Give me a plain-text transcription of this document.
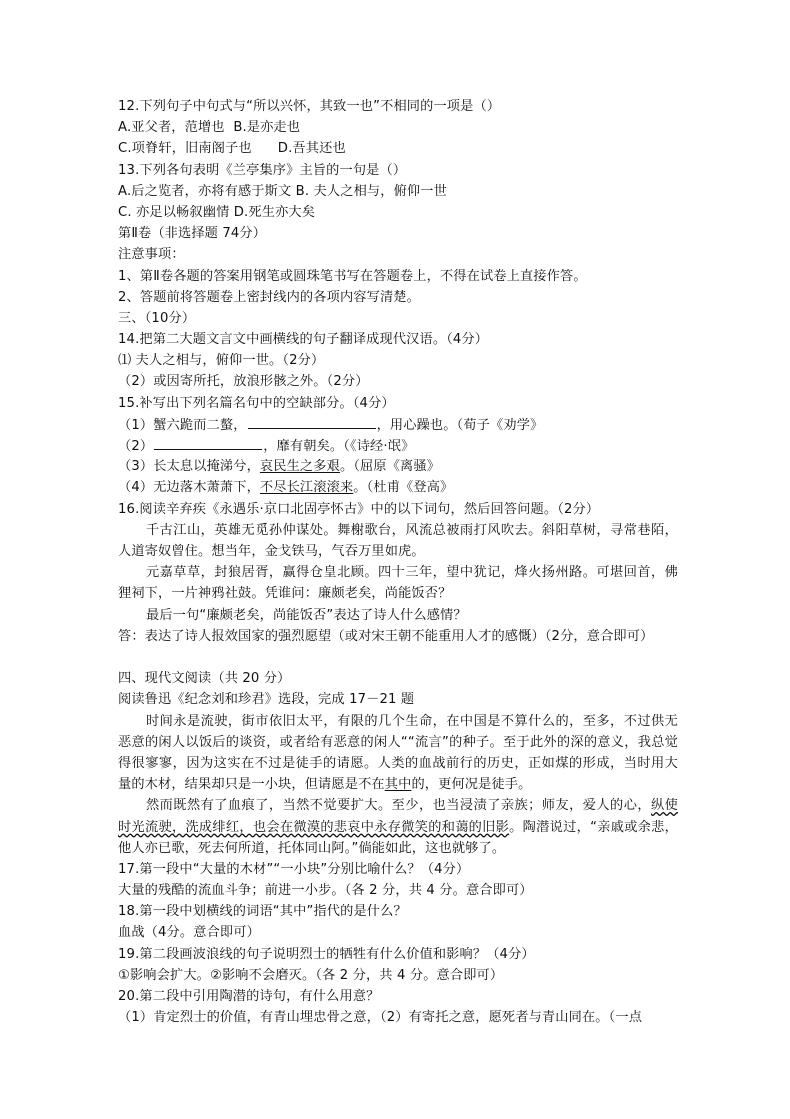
12.下列句子中句式与“所以兴怀，其致一也”不相同的一项是（）
A.亚父者，范增也  B.是亦走也
C.项脊轩，旧南阁子也      D.吾其还也
13.下列各句表明《兰亭集序》主旨的一句是（）
A.后之览者，亦将有感于斯文 B. 夫人之相与，俯仰一世
C. 亦足以畅叙幽情 D.死生亦大矣
第Ⅱ卷（非选择题 74分）
注意事项：
1、第Ⅱ卷各题的答案用钢笔或圆珠笔书写在答题卷上，不得在试卷上直接作答。
2、答题前将答题卷上密封线内的各项内容写清楚。
三、（10分）
14.把第二大题文言文中画横线的句子翻译成现代汉语。（4分）
⑴ 夫人之相与，俯仰一世。（2分）
（2）或因寄所托，放浪形骸之外。（2分）
15.补写出下列名篇名句中的空缺部分。（4分）
（1）蟹六跪而二螯，	，用心躁也。（荀子《劝学》
（2）	，靡有朝矣。（《诗经·氓》
（3）长太息以掩涕兮，哀民生之多艰。（屈原《离骚》
（4）无边落木萧萧下，不尽长江滚滚来。（杜甫《登高》
16.阅读辛弃疾《永遇乐·京口北固亭怀古》中的以下词句，然后回答问题。（2分）
千古江山，英雄无觅孙仲谋处。舞榭歌台，风流总被雨打风吹去。斜阳草树，寻常巷陌，人道寄奴曾住。想当年，金戈铁马，气吞万里如虎。
元嘉草草，封狼居胥，赢得仓皇北顾。四十三年，望中犹记，烽火扬州路。可堪回首，佛狸祠下，一片神鸦社鼓。凭谁问：廉颇老矣，尚能饭否？
最后一句“廉颇老矣，尚能饭否”表达了诗人什么感情？
答：表达了诗人报效国家的强烈愿望（或对宋王朝不能重用人才的感慨）（2分，意合即可）
四、现代文阅读（共 20 分）
阅读鲁迅《纪念刘和珍君》选段，完成 17－21 题
时间永是流驶，街市依旧太平，有限的几个生命，在中国是不算什么的，至多，不过供无恶意的闲人以饭后的谈资，或者给有恶意的闲人““流言”的种子。至于此外的深的意义，我总觉得很寥寥，因为这实在不过是徒手的请愿。人类的血战前行的历史，正如煤的形成，当时用大量的木材，结果却只是一小块，但请愿是不在其中的，更何况是徒手。
然而既然有了血痕了，当然不觉要扩大。至少，也当浸渍了亲族；师友，爱人的心，纵使时光流驶，洗成绯红，也会在微漠的悲哀中永存微笑的和蔼的旧影。陶潜说过，“亲戚或余悲，他人亦已歌，死去何所道，托体同山阿。”倘能如此，这也就够了。
17.第一段中“大量的木材”“一小块”分别比喻什么？（4分）
大量的残酷的流血斗争；前进一小步。（各 2 分，共 4 分。意合即可）
18.第一段中划横线的词语“其中”指代的是什么？
血战（4分。意合即可）
19.第二段画波浪线的句子说明烈士的牺牲有什么价值和影响？（4分）
①影响会扩大。②影响不会磨灭。（各 2 分，共 4 分。意合即可）
20.第二段中引用陶潜的诗句，有什么用意？
（1）肯定烈士的价值，有青山埋忠骨之意，（2）有寄托之意，愿死者与青山同在。（一点
